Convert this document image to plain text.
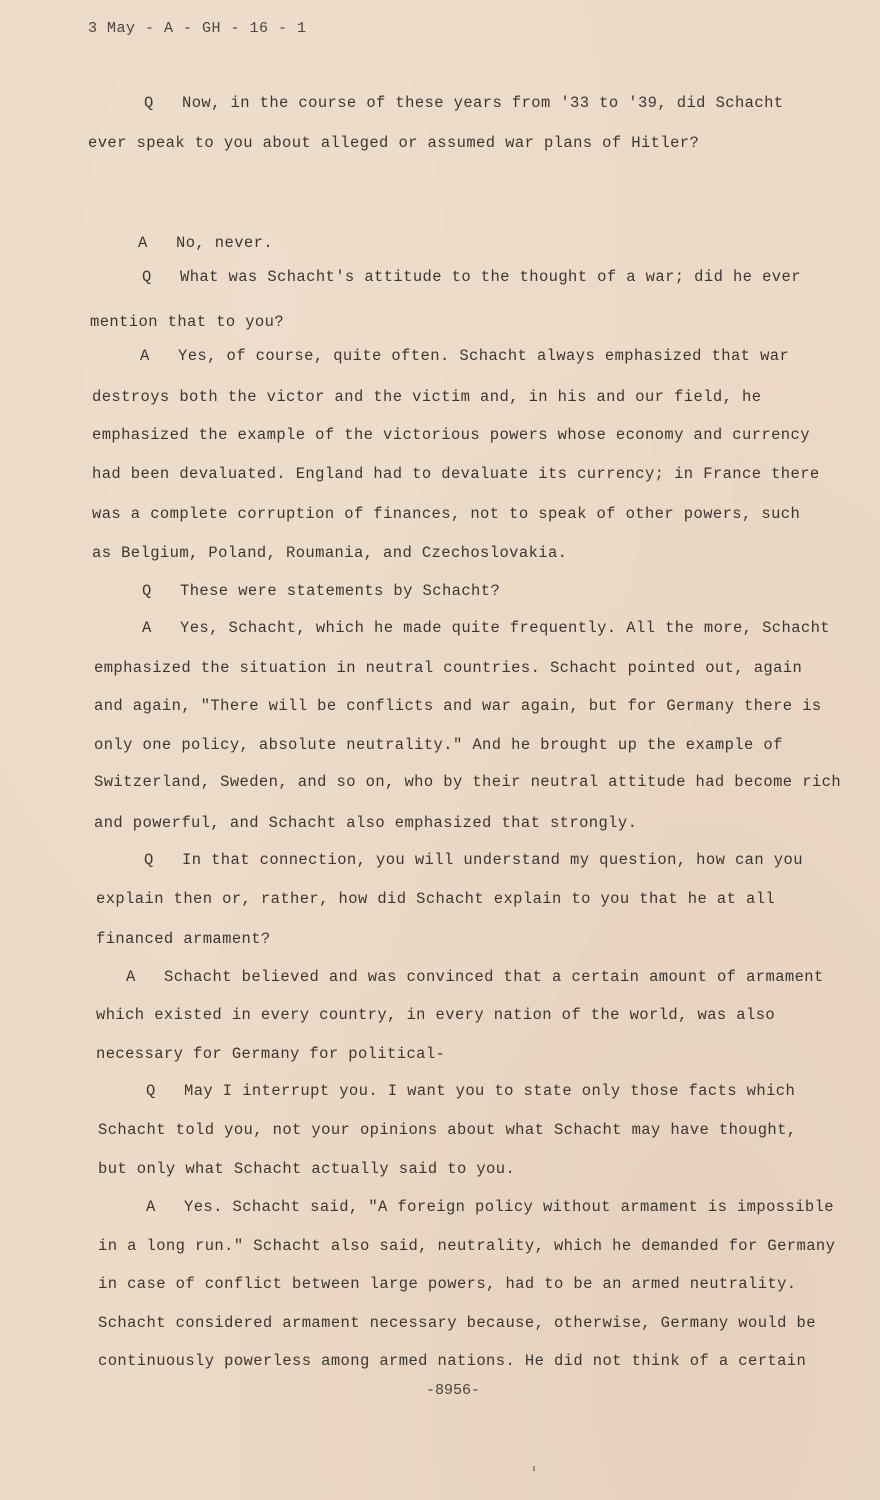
3 May - A - GH - 16 - 1
Q Now, in the course of these years from '33 to '39, did Schacht
ever speak to you about alleged or assumed war plans of Hitler?
A No, never.
Q What was Schacht's attitude to the thought of a war; did he ever
mention that to you?
A Yes, of course, quite often. Schacht always emphasized that war
destroys both the victor and the victim and, in his and our field, he
emphasized the example of the victorious powers whose economy and currency
had been devaluated. England had to devaluate its currency; in France there
was a complete corruption of finances, not to speak of other powers, such
as Belgium, Poland, Roumania, and Czechoslovakia.
Q These were statements by Schacht?
A Yes, Schacht, which he made quite frequently. All the more, Schacht
emphasized the situation in neutral countries. Schacht pointed out, again
and again, "There will be conflicts and war again, but for Germany there is
only one policy, absolute neutrality." And he brought up the example of
Switzerland, Sweden, and so on, who by their neutral attitude had become rich
and powerful, and Schacht also emphasized that strongly.
Q In that connection, you will understand my question, how can you
explain then or, rather, how did Schacht explain to you that he at all
financed armament?
A Schacht believed and was convinced that a certain amount of armament
which existed in every country, in every nation of the world, was also
necessary for Germany for political-
Q May I interrupt you. I want you to state only those facts which
Schacht told you, not your opinions about what Schacht may have thought,
but only what Schacht actually said to you.
A Yes. Schacht said, "A foreign policy without armament is impossible
in a long run." Schacht also said, neutrality, which he demanded for Germany
in case of conflict between large powers, had to be an armed neutrality.
Schacht considered armament necessary because, otherwise, Germany would be
continuously powerless among armed nations. He did not think of a certain
-8956-
